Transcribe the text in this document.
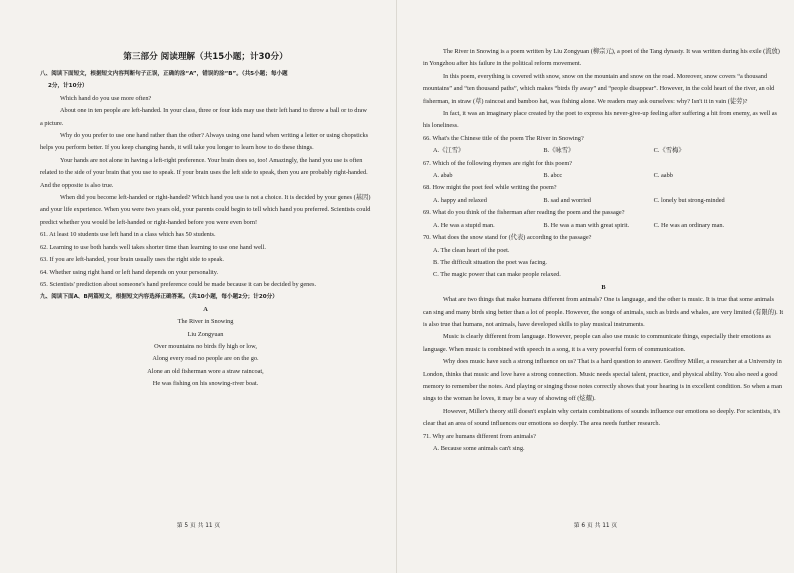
第三部分 阅读理解（共15小题；计30分）

八、阅读下面短文，根据短文内容判断句子正误，正确的涂“A”，错误的涂“B”。（共5小题；每小题

2分，计10分）

Which hand do you use more often?

About one in ten people are left-handed. In your class, three or four kids may use their left hand to throw a ball or to draw a picture.

Why do you prefer to use one hand rather than the other? Always using one hand when writing a letter or using chopsticks helps you perform better. If you keep changing hands, it will take you longer to learn how to do these things.

Your hands are not alone in having a left-right preference. Your brain does so, too! Amazingly, the hand you use is often related to the side of your brain that you use to speak. If your brain uses the left side to speak, then you are probably right-handed. And the opposite is also true.

When did you become left-handed or right-handed? Which hand you use is not a choice. It is decided by your genes (基因) and your life experience. When you were two years old, your parents could begin to tell which hand you preferred. Scientists could predict whether you would be left-handed or right-handed before you were even born!

61. At least 10 students use left hand in a class which has 50 students.

62. Learning to use both hands well takes shorter time than learning to use one hand well.

63. If you are left-handed, your brain usually uses the right side to speak.

64. Whether using right hand or left hand depends on your personality.

65. Scientists' prediction about someone's hand preference could be made because it can be decided by genes.

九、阅读下面A、B两篇短文，根据短文内容选择正确答案。（共10小题，每小题2分；计20分）

A

The River in Snowing

Liu Zongyuan

Over mountains no birds fly high or low,

Along every road no people are on the go.

Alone an old fisherman wore a straw raincoat,

He was fishing on his snowing-river boat.

第 5 页 共 11 页

The River in Snowing is a poem written by Liu Zongyuan (柳宗元), a poet of the Tang dynasty. It was written during his exile (流放) in Yongzhou after his failure in the political reform movement.

In this poem, everything is covered with snow, snow on the mountain and snow on the road. Moreover, snow covers “a thousand mountains” and “ten thousand paths”, which makes “birds fly away” and “people disappear”. However, in the cold heart of the river, an old fisherman, in straw (草) raincoat and bamboo hat, was fishing alone. We readers may ask ourselves: why? Isn't it in vain (徒劳)?

In fact, it was an imaginary place created by the poet to express his never-give-up feeling after suffering a hit from enemy, as well as his loneliness.

66. What's the Chinese title of the poem The River in Snowing?

A.《江雪》	B.《咏雪》	C.《雪梅》

67. Which of the following rhymes are right for this poem?

A. abab	B. abcc	C. aabb

68. How might the poet feel while writing the poem?

A. happy and relaxed	B. sad and worried	C. lonely but strong-minded

69. What do you think of the fisherman after reading the poem and the passage?

A. He was a stupid man.	B. He was a man with great spirit.	C. He was an ordinary man.

70. What does the snow stand for (代表) according to the passage?

A. The clean heart of the poet.

B. The difficult situation the poet was facing.

C. The magic power that can make people relaxed.

B

What are two things that make humans different from animals? One is language, and the other is music. It is true that some animals can sing and many birds sing better than a lot of people. However, the songs of animals, such as birds and whales, are very limited (有限的). It is also true that humans, not animals, have developed skills to play musical instruments.

Music is clearly different from language. However, people can also use music to communicate things, especially their emotions as language. When music is combined with speech in a song, it is a very powerful form of communication.

Why does music have such a strong influence on us? That is a hard question to answer. Geoffrey Miller, a researcher at a University in London, thinks that music and love have a strong connection. Music needs special talent, practice, and physical ability. You also need a good memory to remember the notes. And playing or singing those notes correctly shows that your hearing is in excellent condition. So when a man sings to the woman he loves, it may be a way of showing off (炫耀).

However, Miller's theory still doesn't explain why certain combinations of sounds influence our emotions so deeply. For scientists, it's clear that an area of sound influences our emotions so deeply. The area needs further research.

71. Why are humans different from animals?

A. Because some animals can't sing.

第 6 页 共 11 页
